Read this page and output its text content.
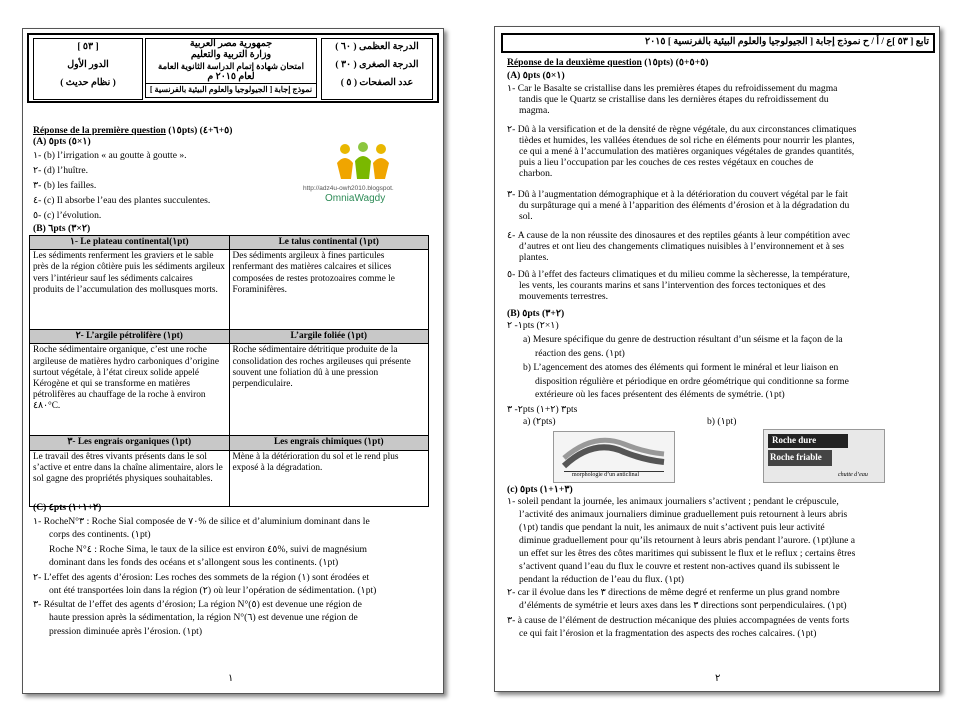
الدرجة العظمى ( ٦٠ )
الدرجة الصغرى ( ٣٠ )
عدد الصفحات ( ٥ )
جمهورية مصر العربية
وزارة التربية والتعليم
امتحان شهادة إتمام الدراسة الثانوية العامة
لعام ٢٠١٥ م
نموذج إجابة [ الجيولوجيا والعلوم البيئية بالفرنسية ]
[ ٥٣ ]
الدور الأول
( نظام حديث )
http://adz4u-owh2010.blogspot.
OmniaWagdy
Réponse de la première question (١٥pts) (٥+٦+٤)
(A) ٥pts (١×٥)
١- (b) l’irrigation « au goutte à goutte ».
٢- (d) l’huître.
٣- (b) les failles.
٤- (c) Il absorbe l’eau des plantes succulentes.
٥- (c) l’évolution.
(B) ٦pts (٢×٣)
١- Le plateau continental(١pt)	Le talus continental (١pt)
Les sédiments renferment les graviers et le sable près de la région côtière puis les sédiments argileux vers l’intérieur sauf les sédiments calcaires produits de l’accumulation des mollusques morts.	Des sédiments argileux à fines particules renfermant des matières calcaires et silices composées de restes protozoaires comme le Foraminifères.
٢- L’argile pétrolifère (١pt)	L’argile foliée (١pt)
Roche sédimentaire organique, c’est une roche argileuse de matières hydro carboniques d’origine surtout végétale, à l’état cireux solide appelé Kérogène et qui se transforme en matières pétrolifères au chauffage de la roche à environ ٤٨٠°C.	Roche sédimentaire détritique produite de la consolidation des roches argileuses qui présente souvent une foliation dû à une pression perpendiculaire.
٣- Les engrais organiques (١pt)	Les engrais chimiques (١pt)
Le travail des êtres vivants présents dans le sol s’active et entre dans la chaîne alimentaire, alors le sol gagne des propriétés physiques souhaitables.	Mène à la détérioration du sol et le rend plus exposé à la dégradation.
(C) ٤pts (٢+١+١)
١- RocheN°٣ : Roche Sial composée de ٧٠% de silice et d’aluminium dominant dans le
corps des continents. (١pt)
Roche N°٤ : Roche Sima, le taux de la silice est environ ٤٥%, suivi de magnésium
dominant dans les fonds des océans et s’allongent sous les continents. (١pt)
٢- L’effet des agents d’érosion: Les roches des sommets de la région (١) sont érodées et
ont été transportées loin dans la région (٢) où leur l’opération de sédimentation. (١pt)
٣- Résultat de l’effet des agents d’érosion; La région N°(٥) est devenue une région de
haute pression après la sédimentation, la région N°(٦) est devenue une région de
pression diminuée après l’érosion. (١pt)
١
تابع [ ٥٣ ]ع / أ / ح نموذج إجابة [ الجيولوجيا والعلوم البيئية بالفرنسية ] ٢٠١٥
Réponse de la deuxième question (١٥pts) (٥+٥+٥)
(A) ٥pts (١×٥)
١- Car le Basalte se cristallise dans les premières étapes du refroidissement du magma
tandis que le Quartz se cristallise dans les dernières étapes du refroidissement du
magma.
٢- Dû à la versification et de la densité de règne végétale, du aux circonstances climatiques
tièdes et humides, les vallées étendues de sol riche en éléments pour nourrir les plantes,
ce qui a mené à l’accumulation des matières organiques végétales de grandes quantités,
puis a lieu l’occupation par les couches de ces restes végétaux en couches de
charbon.
٣- Dû à l’augmentation démographique et à la détérioration du couvert végétal par le fait
du surpâturage qui a mené à l’apparition des éléments d’érosion et à la dégradation du
sol.
٤- A cause de la non réussite des dinosaures et des reptiles géants à leur compétition avec
d’autres et ont lieu des changements climatiques nuisibles à l’environnement et à ses
plantes.
٥- Dû à l’effet des facteurs climatiques et du milieu comme la sècheresse, la température,
les vents, les courants marins et sans l’intervention des forces tectoniques et des
mouvements terrestres.
(B) ٥pts (٢+٣)
١- ٢pts (١×٢)
a) Mesure spécifique du genre de destruction résultant d’un séisme et la façon de la
réaction des gens. (١pt)
b) L’agencement des atomes des éléments qui forment le minéral et leur liaison en
disposition régulière et périodique en ordre géométrique qui conditionne sa forme
extérieure où les faces présentent des éléments de symétrie. (١pt)
٢- ٣pts (٢+١) ٣pts
a) (٢pts)	b) (١pt)
morphologie d’un anticlinal
Roche dure
Roche friable
chutte d’eau
(c) ٥pts (٣+١+١)
١- soleil pendant la journée, les animaux journaliers s’activent ; pendant le crépuscule,
l’activité des animaux journaliers diminue graduellement puis retournent à leurs abris
(١pt) tandis que pendant la nuit, les animaux de nuit s’activent puis leur activité
diminue graduellement pour qu’ils retournent à leurs abris pendant l’aurore. (١pt)lune a
un effet sur les êtres des côtes maritimes qui subissent le flux et le reflux ; certains êtres
s’activent quand l’eau du flux le couvre et restent non-actives quand ils subissent le
pendant la réduction de l’eau du flux. (١pt)
٢- car il évolue dans les ٣ directions de même degré et renferme un plus grand nombre
d’éléments de symétrie et leurs axes dans les ٣ directions sont perpendiculaires. (١pt)
٣- à cause de l’élément de destruction mécanique des pluies accompagnées de vents forts
ce qui fait l’érosion et la fragmentation des aspects des roches calcaires. (١pt)
٢
